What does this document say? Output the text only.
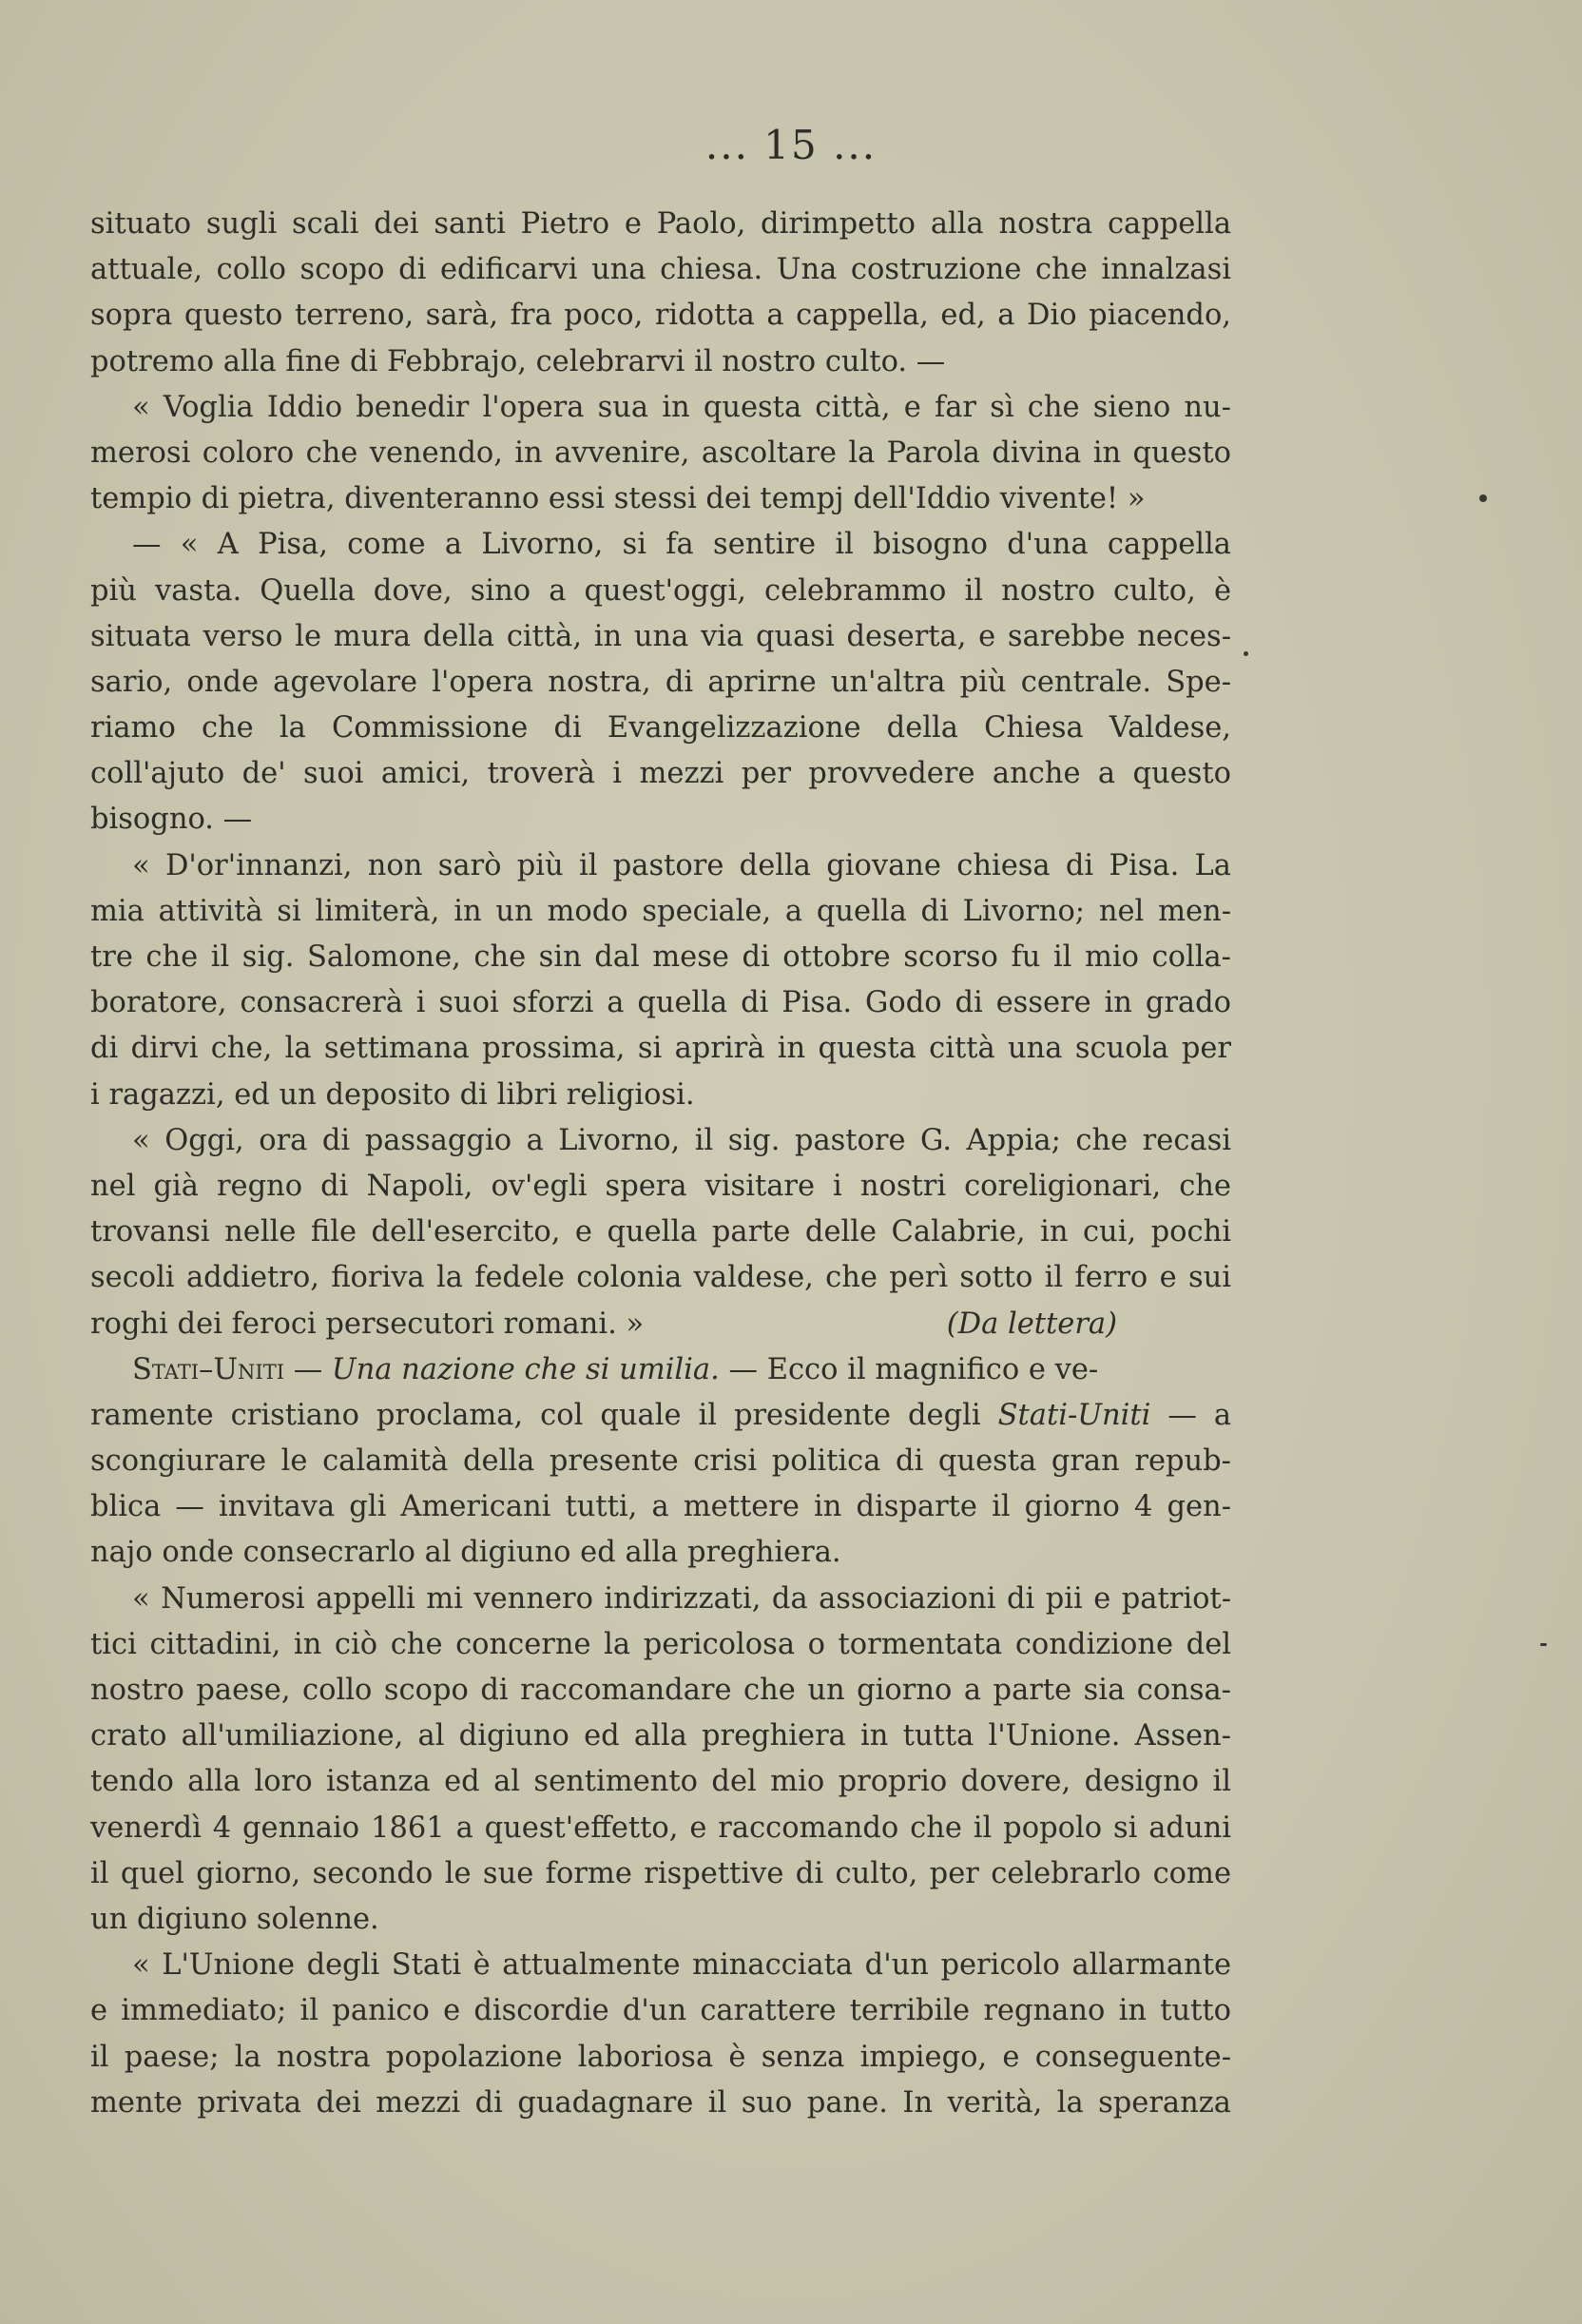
... 15 ...
situato sugli scali dei santi Pietro e Paolo, dirimpetto alla nostra cappella
attuale, collo scopo di edificarvi una chiesa. Una costruzione che innalzasi
sopra questo terreno, sarà, fra poco, ridotta a cappella, ed, a Dio piacendo,
potremo alla fine di Febbrajo, celebrarvi il nostro culto. —
« Voglia Iddio benedir l'opera sua in questa città, e far sì che sieno nu-
merosi coloro che venendo, in avvenire, ascoltare la Parola divina in questo
tempio di pietra, diventeranno essi stessi dei tempj dell'Iddio vivente! »
— « A Pisa, come a Livorno, si fa sentire il bisogno d'una cappella
più vasta. Quella dove, sino a quest'oggi, celebrammo il nostro culto, è
situata verso le mura della città, in una via quasi deserta, e sarebbe neces-
sario, onde agevolare l'opera nostra, di aprirne un'altra più centrale. Spe-
riamo che la Commissione di Evangelizzazione della Chiesa Valdese,
coll'ajuto de' suoi amici, troverà i mezzi per provvedere anche a questo
bisogno. —
« D'or'innanzi, non sarò più il pastore della giovane chiesa di Pisa. La
mia attività si limiterà, in un modo speciale, a quella di Livorno; nel men-
tre che il sig. Salomone, che sin dal mese di ottobre scorso fu il mio colla-
boratore, consacrerà i suoi sforzi a quella di Pisa. Godo di essere in grado
di dirvi che, la settimana prossima, si aprirà in questa città una scuola per
i ragazzi, ed un deposito di libri religiosi.
« Oggi, ora di passaggio a Livorno, il sig. pastore G. Appia; che recasi
nel già regno di Napoli, ov'egli spera visitare i nostri coreligionari, che
trovansi nelle file dell'esercito, e quella parte delle Calabrie, in cui, pochi
secoli addietro, fioriva la fedele colonia valdese, che perì sotto il ferro e sui
roghi dei feroci persecutori romani. »	(Da lettera)
Stati–Uniti — Una nazione che si umilia. — Ecco il magnifico e ve-
ramente cristiano proclama, col quale il presidente degli Stati-Uniti — a
scongiurare le calamità della presente crisi politica di questa gran repub-
blica — invitava gli Americani tutti, a mettere in disparte il giorno 4 gen-
najo onde consecrarlo al digiuno ed alla preghiera.
« Numerosi appelli mi vennero indirizzati, da associazioni di pii e patriot-
tici cittadini, in ciò che concerne la pericolosa o tormentata condizione del
nostro paese, collo scopo di raccomandare che un giorno a parte sia consa-
crato all'umiliazione, al digiuno ed alla preghiera in tutta l'Unione. Assen-
tendo alla loro istanza ed al sentimento del mio proprio dovere, designo il
venerdì 4 gennaio 1861 a quest'effetto, e raccomando che il popolo si aduni
il quel giorno, secondo le sue forme rispettive di culto, per celebrarlo come
un digiuno solenne.
« L'Unione degli Stati è attualmente minacciata d'un pericolo allarmante
e immediato; il panico e discordie d'un carattere terribile regnano in tutto
il paese; la nostra popolazione laboriosa è senza impiego, e conseguente-
mente privata dei mezzi di guadagnare il suo pane. In verità, la speranza
